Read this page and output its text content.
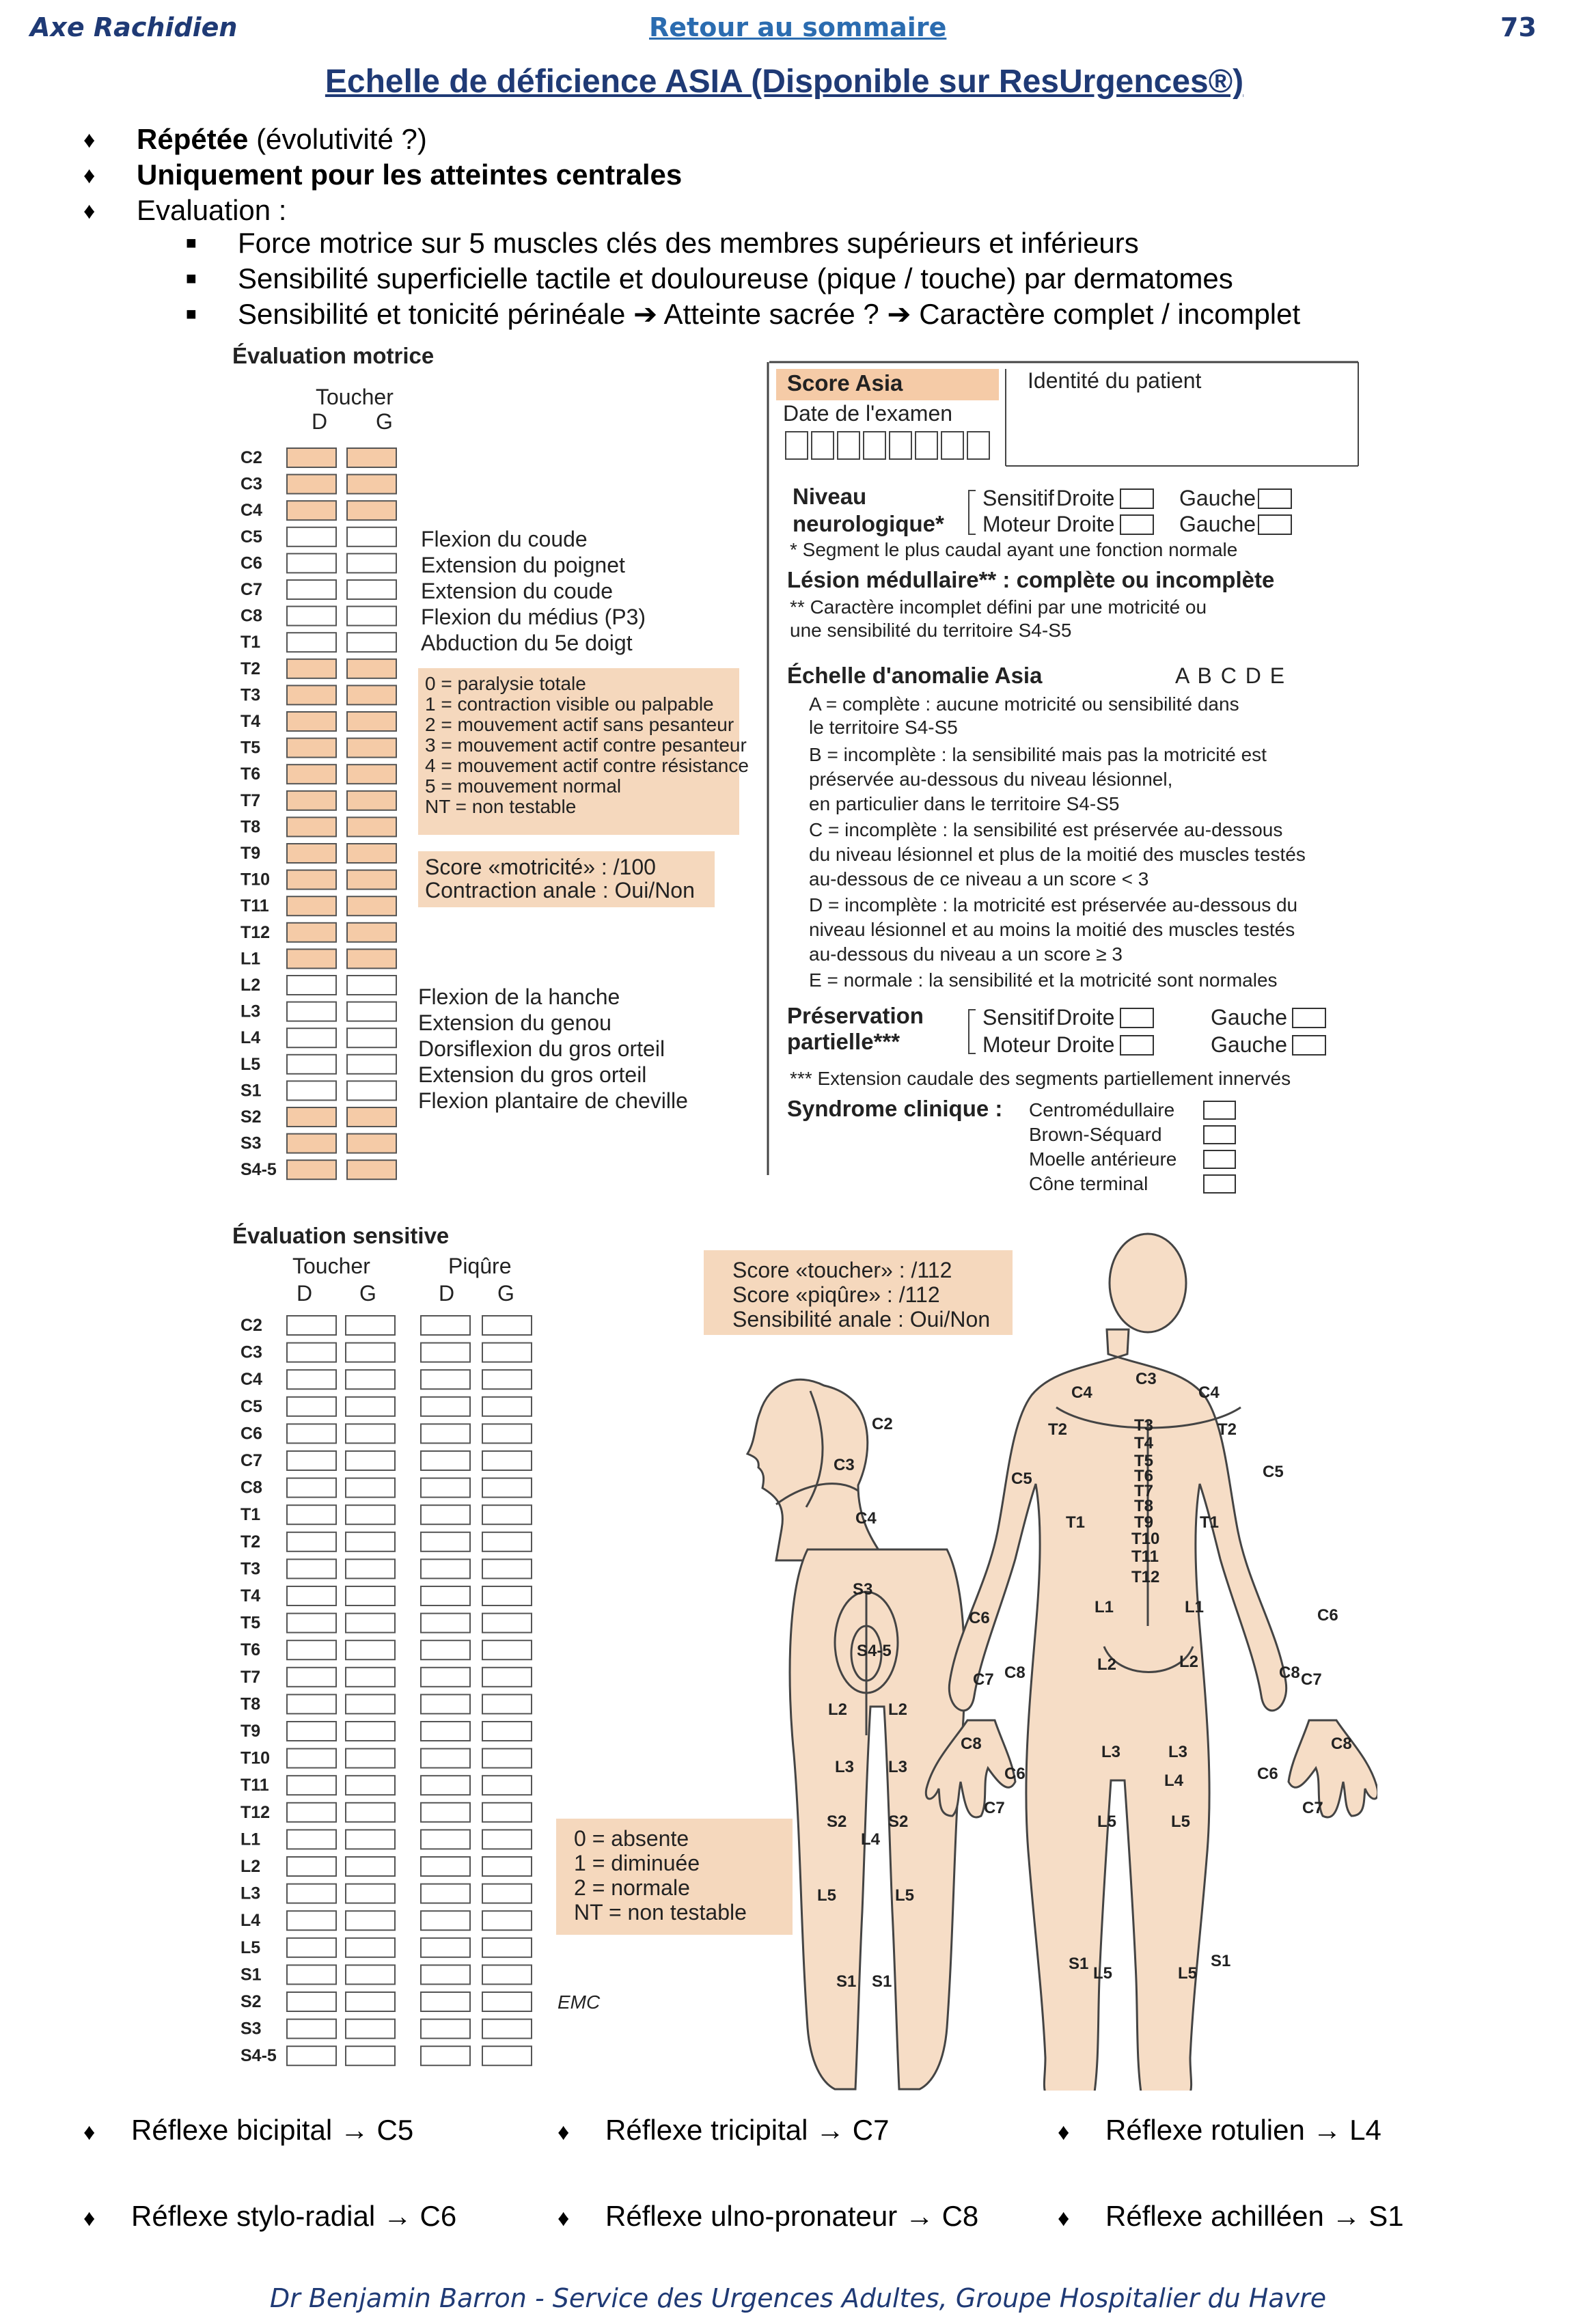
Axe Rachidien	Retour au sommaire	73
Echelle de déficience ASIA (Disponible sur ResUrgences®)
♦ Répétée (évolutivité ?)
♦ Uniquement pour les atteintes centrales
♦ Evaluation :
■ Force motrice sur 5 muscles clés des membres supérieurs et inférieurs
■ Sensibilité superficielle tactile et douloureuse (pique / touche) par dermatomes
■ Sensibilité et tonicité périnéale ➔ Atteinte sacrée ? ➔ Caractère complet / incomplet
Évaluation motrice
Toucher
D G
C2
C3
C4
C5
C6
C7
C8
T1
T2
T3
T4
T5
T6
T7
T8
T9
T10
T11
T12
L1
L2
L3
L4
L5
S1
S2
S3
S4-5
Flexion du coude
Extension du poignet
Extension du coude
Flexion du médius (P3)
Abduction du 5e doigt
0 = paralysie totale
1 = contraction visible ou palpable
2 = mouvement actif sans pesanteur
3 = mouvement actif contre pesanteur
4 = mouvement actif contre résistance
5 = mouvement normal
NT = non testable
Score «motricité» : /100
Contraction anale : Oui/Non
Flexion de la hanche
Extension du genou
Dorsiflexion du gros orteil
Extension du gros orteil
Flexion plantaire de cheville
Score Asia
Date de l'examen
Identité du patient
Niveau
neurologique*
Sensitif Droite	Gauche
Moteur Droite	Gauche
* Segment le plus caudal ayant une fonction normale
Lésion médullaire** : complète ou incomplète
** Caractère incomplet défini par une motricité ou
une sensibilité du territoire S4-S5
Échelle d'anomalie Asia	A B C D E
A = complète : aucune motricité ou sensibilité dans
le territoire S4-S5
B = incomplète : la sensibilité mais pas la motricité est
préservée au-dessous du niveau lésionnel,
en particulier dans le territoire S4-S5
C = incomplète : la sensibilité est préservée au-dessous
du niveau lésionnel et plus de la moitié des muscles testés
au-dessous de ce niveau a un score < 3
D = incomplète : la motricité est préservée au-dessous du
niveau lésionnel et au moins la moitié des muscles testés
au-dessous du niveau a un score ≥ 3
E = normale : la sensibilité et la motricité sont normales
Préservation
partielle***
Sensitif Droite	Gauche
Moteur Droite	Gauche
*** Extension caudale des segments partiellement innervés
Syndrome clinique : Centromédullaire
Brown-Séquard
Moelle antérieure
Cône terminal
Évaluation sensitive
Toucher	Piqûre
D G	D G
C2
C3
C4
C5
C6
C7
C8
T1
T2
T3
T4
T5
T6
T7
T8
T9
T10
T11
T12
L1
L2
L3
L4
L5
S1
S2
S3
S4-5
Score «toucher» : /112
Score «piqûre» : /112
Sensibilité anale : Oui/Non
0 = absente
1 = diminuée
2 = normale
NT = non testable
EMC
C2
C3
C4
S3
S4-5
L2 L2
L3 L3
S2	S2
L4
L5	L5
S1 S1
C3
C4	C4
T2	T2
T3
T4
T5
T6
T7
T8
T9
T10
T11
T12
C5	C5
T1	T1
L1	L1
L2	L2
L3	L3
L4
L5	L5
S1	S1
L5	L5
C6	C6
C7 C8	C8 C7
C8
C6
C7
C6
C8
C7
♦ Réflexe bicipital → C5	♦ Réflexe tricipital → C7	♦ Réflexe rotulien → L4
♦ Réflexe stylo-radial → C6	♦ Réflexe ulno-pronateur → C8	♦ Réflexe achilléen → S1
Dr Benjamin Barron - Service des Urgences Adultes, Groupe Hospitalier du Havre
